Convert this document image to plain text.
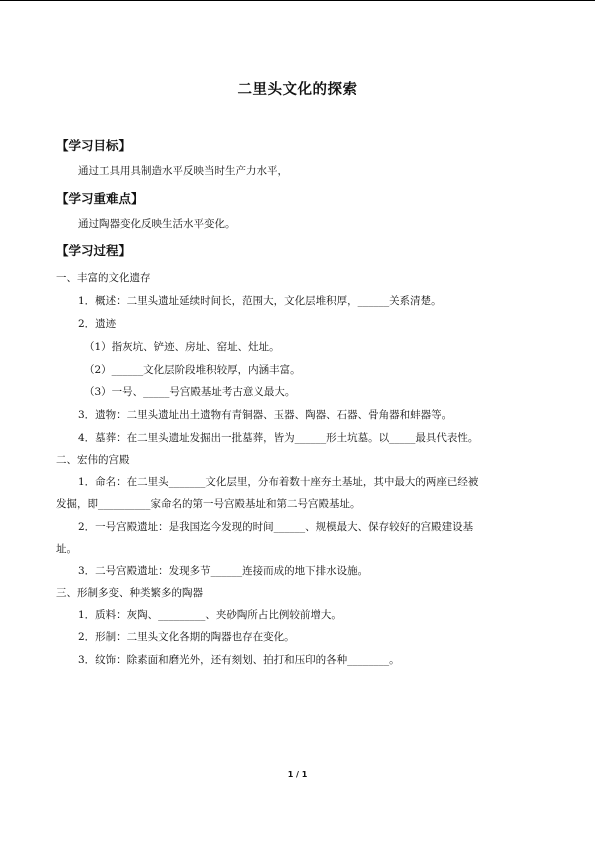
二里头文化的探索
【学习目标】
通过工具用具制造水平反映当时生产力水平，
【学习重难点】
通过陶器变化反映生活水平变化。
【学习过程】
一、丰富的文化遗存
1．概述：二里头遗址延续时间长，范围大，文化层堆积厚，______关系清楚。
2．遗迹
（1）指灰坑、铲迹、房址、窑址、灶址。
（2）______文化层阶段堆积较厚，内涵丰富。
（3）一号、_____号宫殿基址考古意义最大。
3．遗物：二里头遗址出土遗物有青铜器、玉器、陶器、石器、骨角器和蚌器等。
4．墓葬：在二里头遗址发掘出一批墓葬，皆为______形土坑墓。以_____最具代表性。
二、宏伟的宫殿
1．命名：在二里头_______文化层里，分布着数十座夯土基址，其中最大的两座已经被
发掘，即__________家命名的第一号宫殿基址和第二号宫殿基址。
2．一号宫殿遗址：是我国迄今发现的时间______、规模最大、保存较好的宫殿建设基
址。
3．二号宫殿遗址：发现多节______连接而成的地下排水设施。
三、形制多变、种类繁多的陶器
1．质料：灰陶、_________、夹砂陶所占比例较前增大。
2．形制：二里头文化各期的陶器也存在变化。
3．纹饰：除素面和磨光外，还有刻划、拍打和压印的各种________。
1 / 1
